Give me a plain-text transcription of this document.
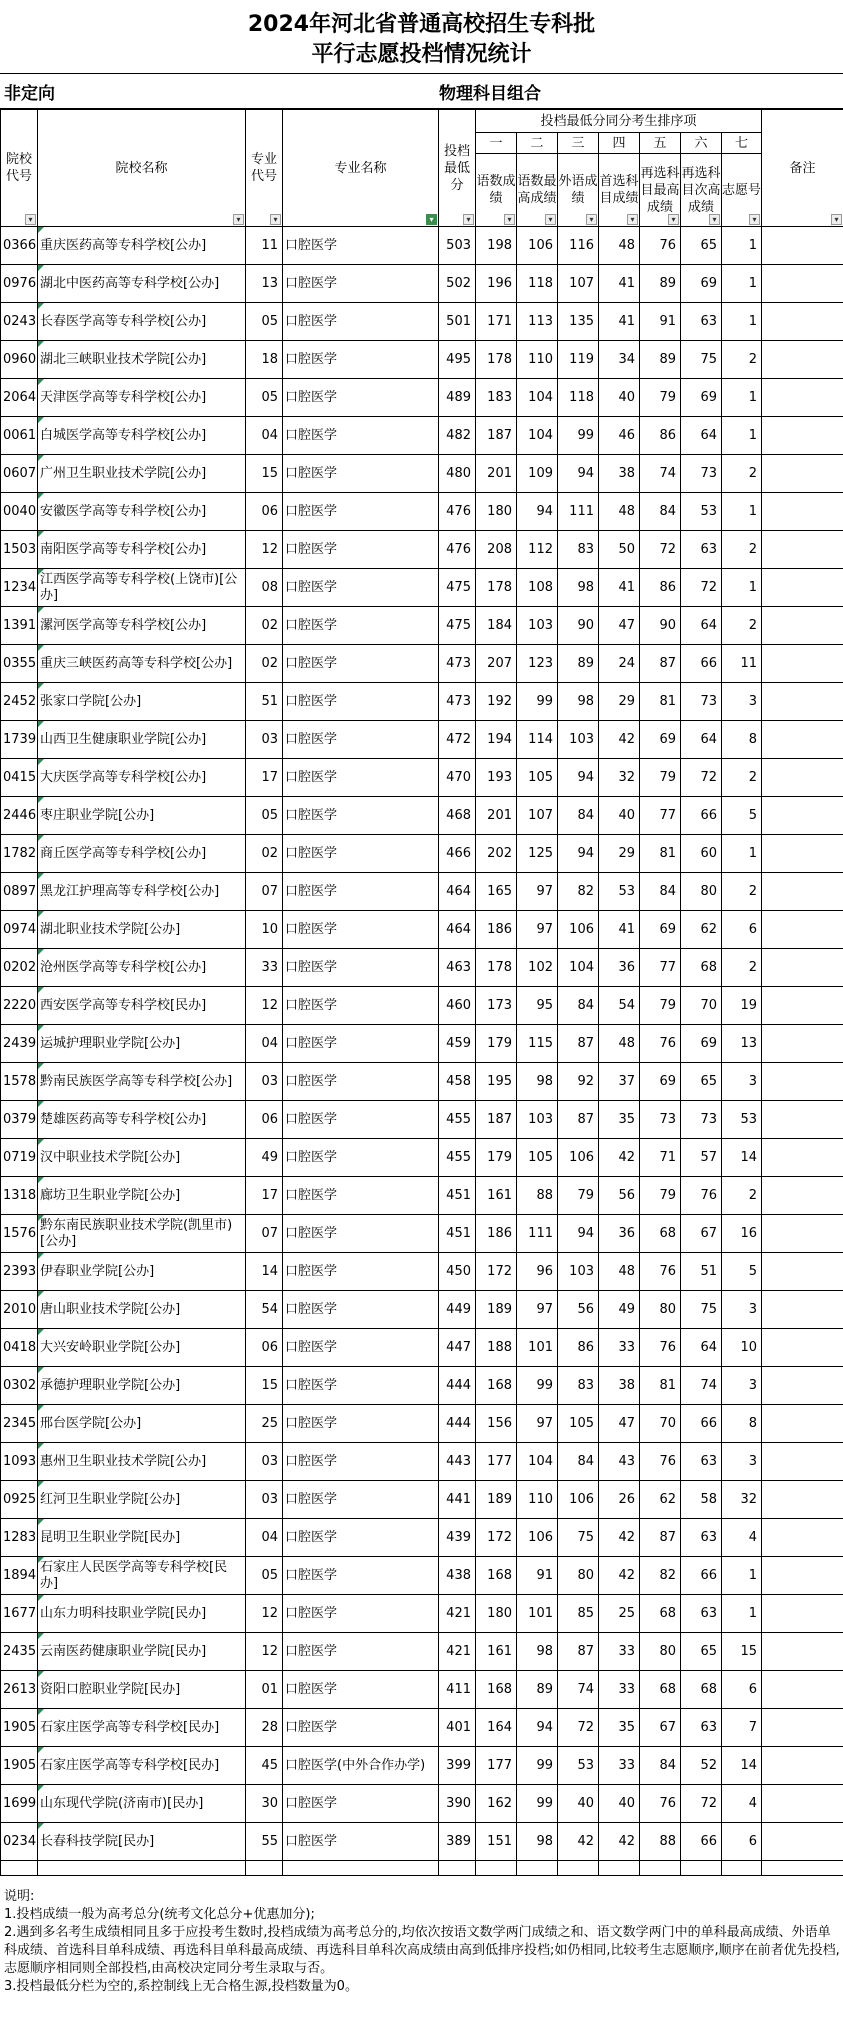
2024年河北省普通高校招生专科批
平行志愿投档情况统计
非定向	物理科目组合
院校代号 ▾	院校名称 ▾	专业代号 ▾	专业名称 ▾	投档最低分 ▾	投档最低分同分考生排序项							备注 ▾
					一	二	三	四	五	六	七	
					语数成绩 ▾	语数最高成绩 ▾	外语成绩 ▾	首选科目成绩 ▾	再选科目最高成绩 ▾	再选科目次高成绩 ▾	志愿号 ▾
0366	重庆医药高等专科学校[公办]	11	口腔医学	503	198	106	116	48	76	65	1	
0976	湖北中医药高等专科学校[公办]	13	口腔医学	502	196	118	107	41	89	69	1	
0243	长春医学高等专科学校[公办]	05	口腔医学	501	171	113	135	41	91	63	1	
0960	湖北三峡职业技术学院[公办]	18	口腔医学	495	178	110	119	34	89	75	2	
2064	天津医学高等专科学校[公办]	05	口腔医学	489	183	104	118	40	79	69	1	
0061	白城医学高等专科学校[公办]	04	口腔医学	482	187	104	99	46	86	64	1	
0607	广州卫生职业技术学院[公办]	15	口腔医学	480	201	109	94	38	74	73	2	
0040	安徽医学高等专科学校[公办]	06	口腔医学	476	180	94	111	48	84	53	1	
1503	南阳医学高等专科学校[公办]	12	口腔医学	476	208	112	83	50	72	63	2	
1234	江西医学高等专科学校(上饶市)[公办]	08	口腔医学	475	178	108	98	41	86	72	1	
1391	漯河医学高等专科学校[公办]	02	口腔医学	475	184	103	90	47	90	64	2	
0355	重庆三峡医药高等专科学校[公办]	02	口腔医学	473	207	123	89	24	87	66	11	
2452	张家口学院[公办]	51	口腔医学	473	192	99	98	29	81	73	3	
1739	山西卫生健康职业学院[公办]	03	口腔医学	472	194	114	103	42	69	64	8	
0415	大庆医学高等专科学校[公办]	17	口腔医学	470	193	105	94	32	79	72	2	
2446	枣庄职业学院[公办]	05	口腔医学	468	201	107	84	40	77	66	5	
1782	商丘医学高等专科学校[公办]	02	口腔医学	466	202	125	94	29	81	60	1	
0897	黑龙江护理高等专科学校[公办]	07	口腔医学	464	165	97	82	53	84	80	2	
0974	湖北职业技术学院[公办]	10	口腔医学	464	186	97	106	41	69	62	6	
0202	沧州医学高等专科学校[公办]	33	口腔医学	463	178	102	104	36	77	68	2	
2220	西安医学高等专科学校[民办]	12	口腔医学	460	173	95	84	54	79	70	19	
2439	运城护理职业学院[公办]	04	口腔医学	459	179	115	87	48	76	69	13	
1578	黔南民族医学高等专科学校[公办]	03	口腔医学	458	195	98	92	37	69	65	3	
0379	楚雄医药高等专科学校[公办]	06	口腔医学	455	187	103	87	35	73	73	53	
0719	汉中职业技术学院[公办]	49	口腔医学	455	179	105	106	42	71	57	14	
1318	廊坊卫生职业学院[公办]	17	口腔医学	451	161	88	79	56	79	76	2	
1576	黔东南民族职业技术学院(凯里市)[公办]	07	口腔医学	451	186	111	94	36	68	67	16	
2393	伊春职业学院[公办]	14	口腔医学	450	172	96	103	48	76	51	5	
2010	唐山职业技术学院[公办]	54	口腔医学	449	189	97	56	49	80	75	3	
0418	大兴安岭职业学院[公办]	06	口腔医学	447	188	101	86	33	76	64	10	
0302	承德护理职业学院[公办]	15	口腔医学	444	168	99	83	38	81	74	3	
2345	邢台医学院[公办]	25	口腔医学	444	156	97	105	47	70	66	8	
1093	惠州卫生职业技术学院[公办]	03	口腔医学	443	177	104	84	43	76	63	3	
0925	红河卫生职业学院[公办]	03	口腔医学	441	189	110	106	26	62	58	32	
1283	昆明卫生职业学院[民办]	04	口腔医学	439	172	106	75	42	87	63	4	
1894	石家庄人民医学高等专科学校[民办]	05	口腔医学	438	168	91	80	42	82	66	1	
1677	山东力明科技职业学院[民办]	12	口腔医学	421	180	101	85	25	68	63	1	
2435	云南医药健康职业学院[民办]	12	口腔医学	421	161	98	87	33	80	65	15	
2613	资阳口腔职业学院[民办]	01	口腔医学	411	168	89	74	33	68	68	6	
1905	石家庄医学高等专科学校[民办]	28	口腔医学	401	164	94	72	35	67	63	7	
1905	石家庄医学高等专科学校[民办]	45	口腔医学(中外合作办学)	399	177	99	53	33	84	52	14	
1699	山东现代学院(济南市)[民办]	30	口腔医学	390	162	99	40	40	76	72	4	
0234	长春科技学院[民办]	55	口腔医学	389	151	98	42	42	88	66	6	

说明:
1.投档成绩一般为高考总分(统考文化总分+优惠加分);
2.遇到多名考生成绩相同且多于应投考生数时,投档成绩为高考总分的,均依次按语文数学两门成绩之和、语文数学两门中的单科最高成绩、外语单科成绩、首选科目单科成绩、再选科目单科最高成绩、再选科目单科次高成绩由高到低排序投档;如仍相同,比较考生志愿顺序,顺序在前者优先投档,志愿顺序相同则全部投档,由高校决定同分考生录取与否。
3.投档最低分栏为空的,系控制线上无合格生源,投档数量为0。
